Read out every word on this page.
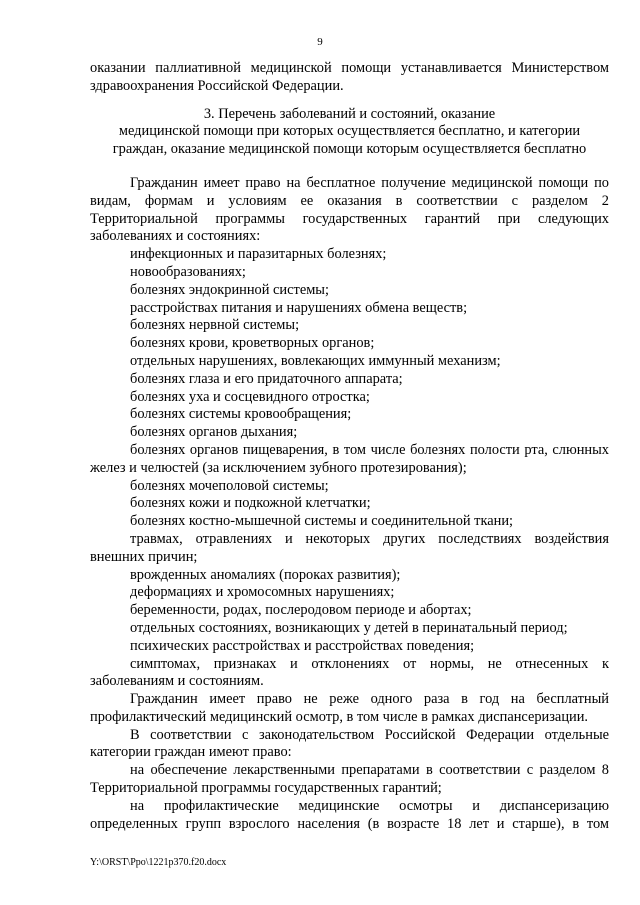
9

оказании паллиативной медицинской помощи устанавливается Министерством здравоохранения Российской Федерации.

3. Перечень заболеваний и состояний, оказание
медицинской помощи при которых осуществляется бесплатно, и категории
граждан, оказание медицинской помощи которым осуществляется бесплатно

Гражданин имеет право на бесплатное получение медицинской помощи по видам, формам и условиям ее оказания в соответствии с разделом 2 Территориальной программы государственных гарантий при следующих заболеваниях и состояниях:

инфекционных и паразитарных болезнях;

новообразованиях;

болезнях эндокринной системы;

расстройствах питания и нарушениях обмена веществ;

болезнях нервной системы;

болезнях крови, кроветворных органов;

отдельных нарушениях, вовлекающих иммунный механизм;

болезнях глаза и его придаточного аппарата;

болезнях уха и сосцевидного отростка;

болезнях системы кровообращения;

болезнях органов дыхания;

болезнях органов пищеварения, в том числе болезнях полости рта, слюнных желез и челюстей (за исключением зубного протезирования);

болезнях мочеполовой системы;

болезнях кожи и подкожной клетчатки;

болезнях костно-мышечной системы и соединительной ткани;

травмах, отравлениях и некоторых других последствиях воздействия внешних причин;

врожденных аномалиях (пороках развития);

деформациях и хромосомных нарушениях;

беременности, родах, послеродовом периоде и абортах;

отдельных состояниях, возникающих у детей в перинатальный период;

психических расстройствах и расстройствах поведения;

симптомах, признаках и отклонениях от нормы, не отнесенных к заболеваниям и состояниям.

Гражданин имеет право не реже одного раза в год на бесплатный профилактический медицинский осмотр, в том числе в рамках диспансеризации.

В соответствии с законодательством Российской Федерации отдельные категории граждан имеют право:

на обеспечение лекарственными препаратами в соответствии с разделом 8 Территориальной программы государственных гарантий;

на профилактические медицинские осмотры и диспансеризацию определенных групп взрослого населения (в возрасте 18 лет и старше), в том

Y:\ORST\Ppo\1221p370.f20.docx
